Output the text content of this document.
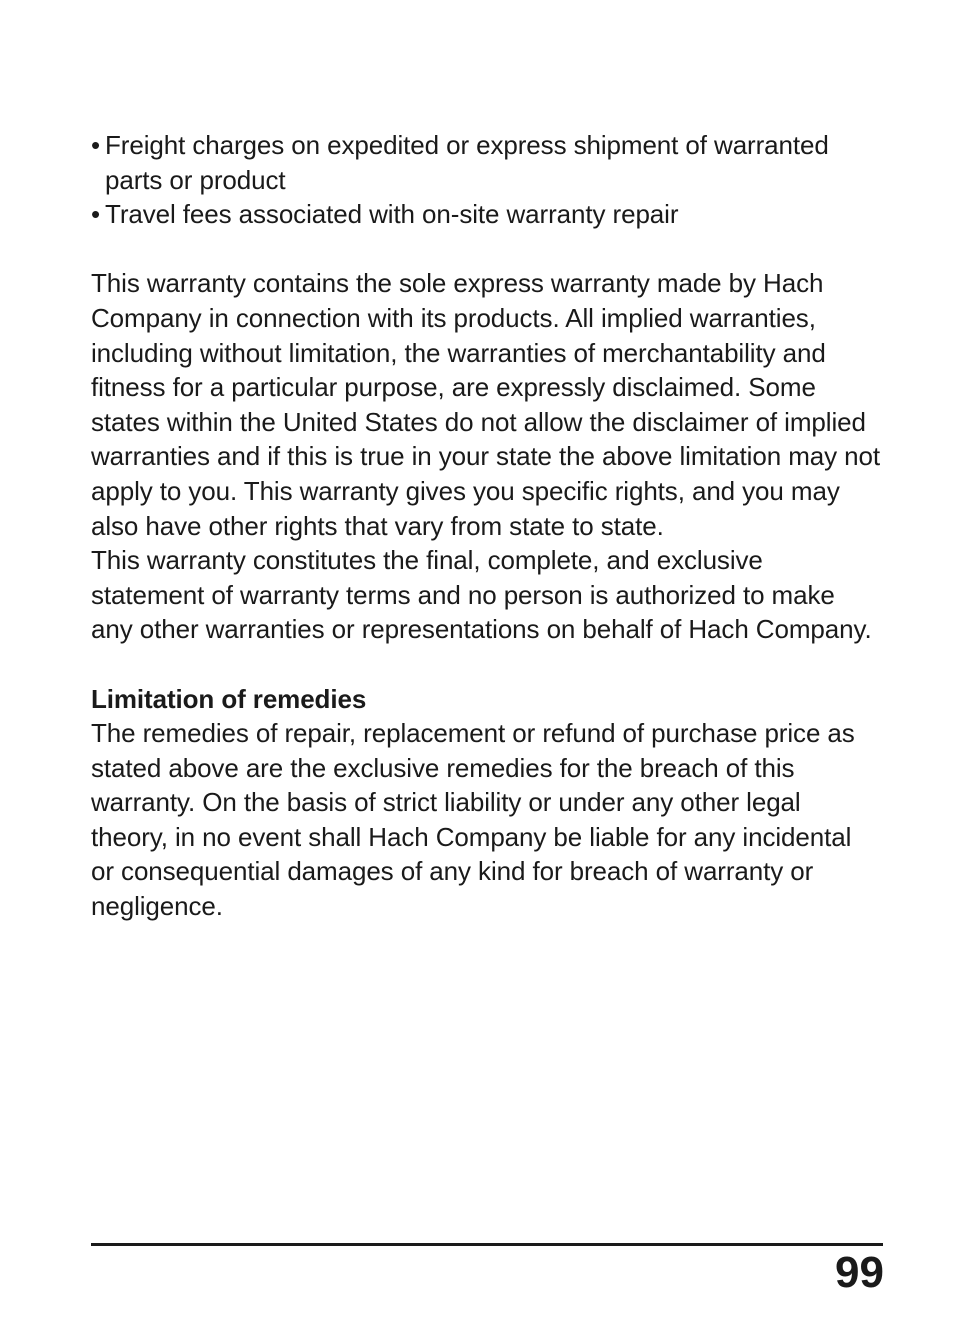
• Freight charges on expedited or express shipment of warranted parts or product
• Travel fees associated with on-site warranty repair

This warranty contains the sole express warranty made by Hach Company in connection with its products. All implied warranties, including without limitation, the warranties of merchantability and fitness for a particular purpose, are expressly disclaimed. Some states within the United States do not allow the disclaimer of implied warranties and if this is true in your state the above limitation may not apply to you. This warranty gives you specific rights, and you may also have other rights that vary from state to state.

This warranty constitutes the final, complete, and exclusive statement of warranty terms and no person is authorized to make any other warranties or representations on behalf of Hach Company.

Limitation of remedies

The remedies of repair, replacement or refund of purchase price as stated above are the exclusive remedies for the breach of this warranty. On the basis of strict liability or under any other legal theory, in no event shall Hach Company be liable for any incidental or consequential damages of any kind for breach of warranty or negligence.

99
